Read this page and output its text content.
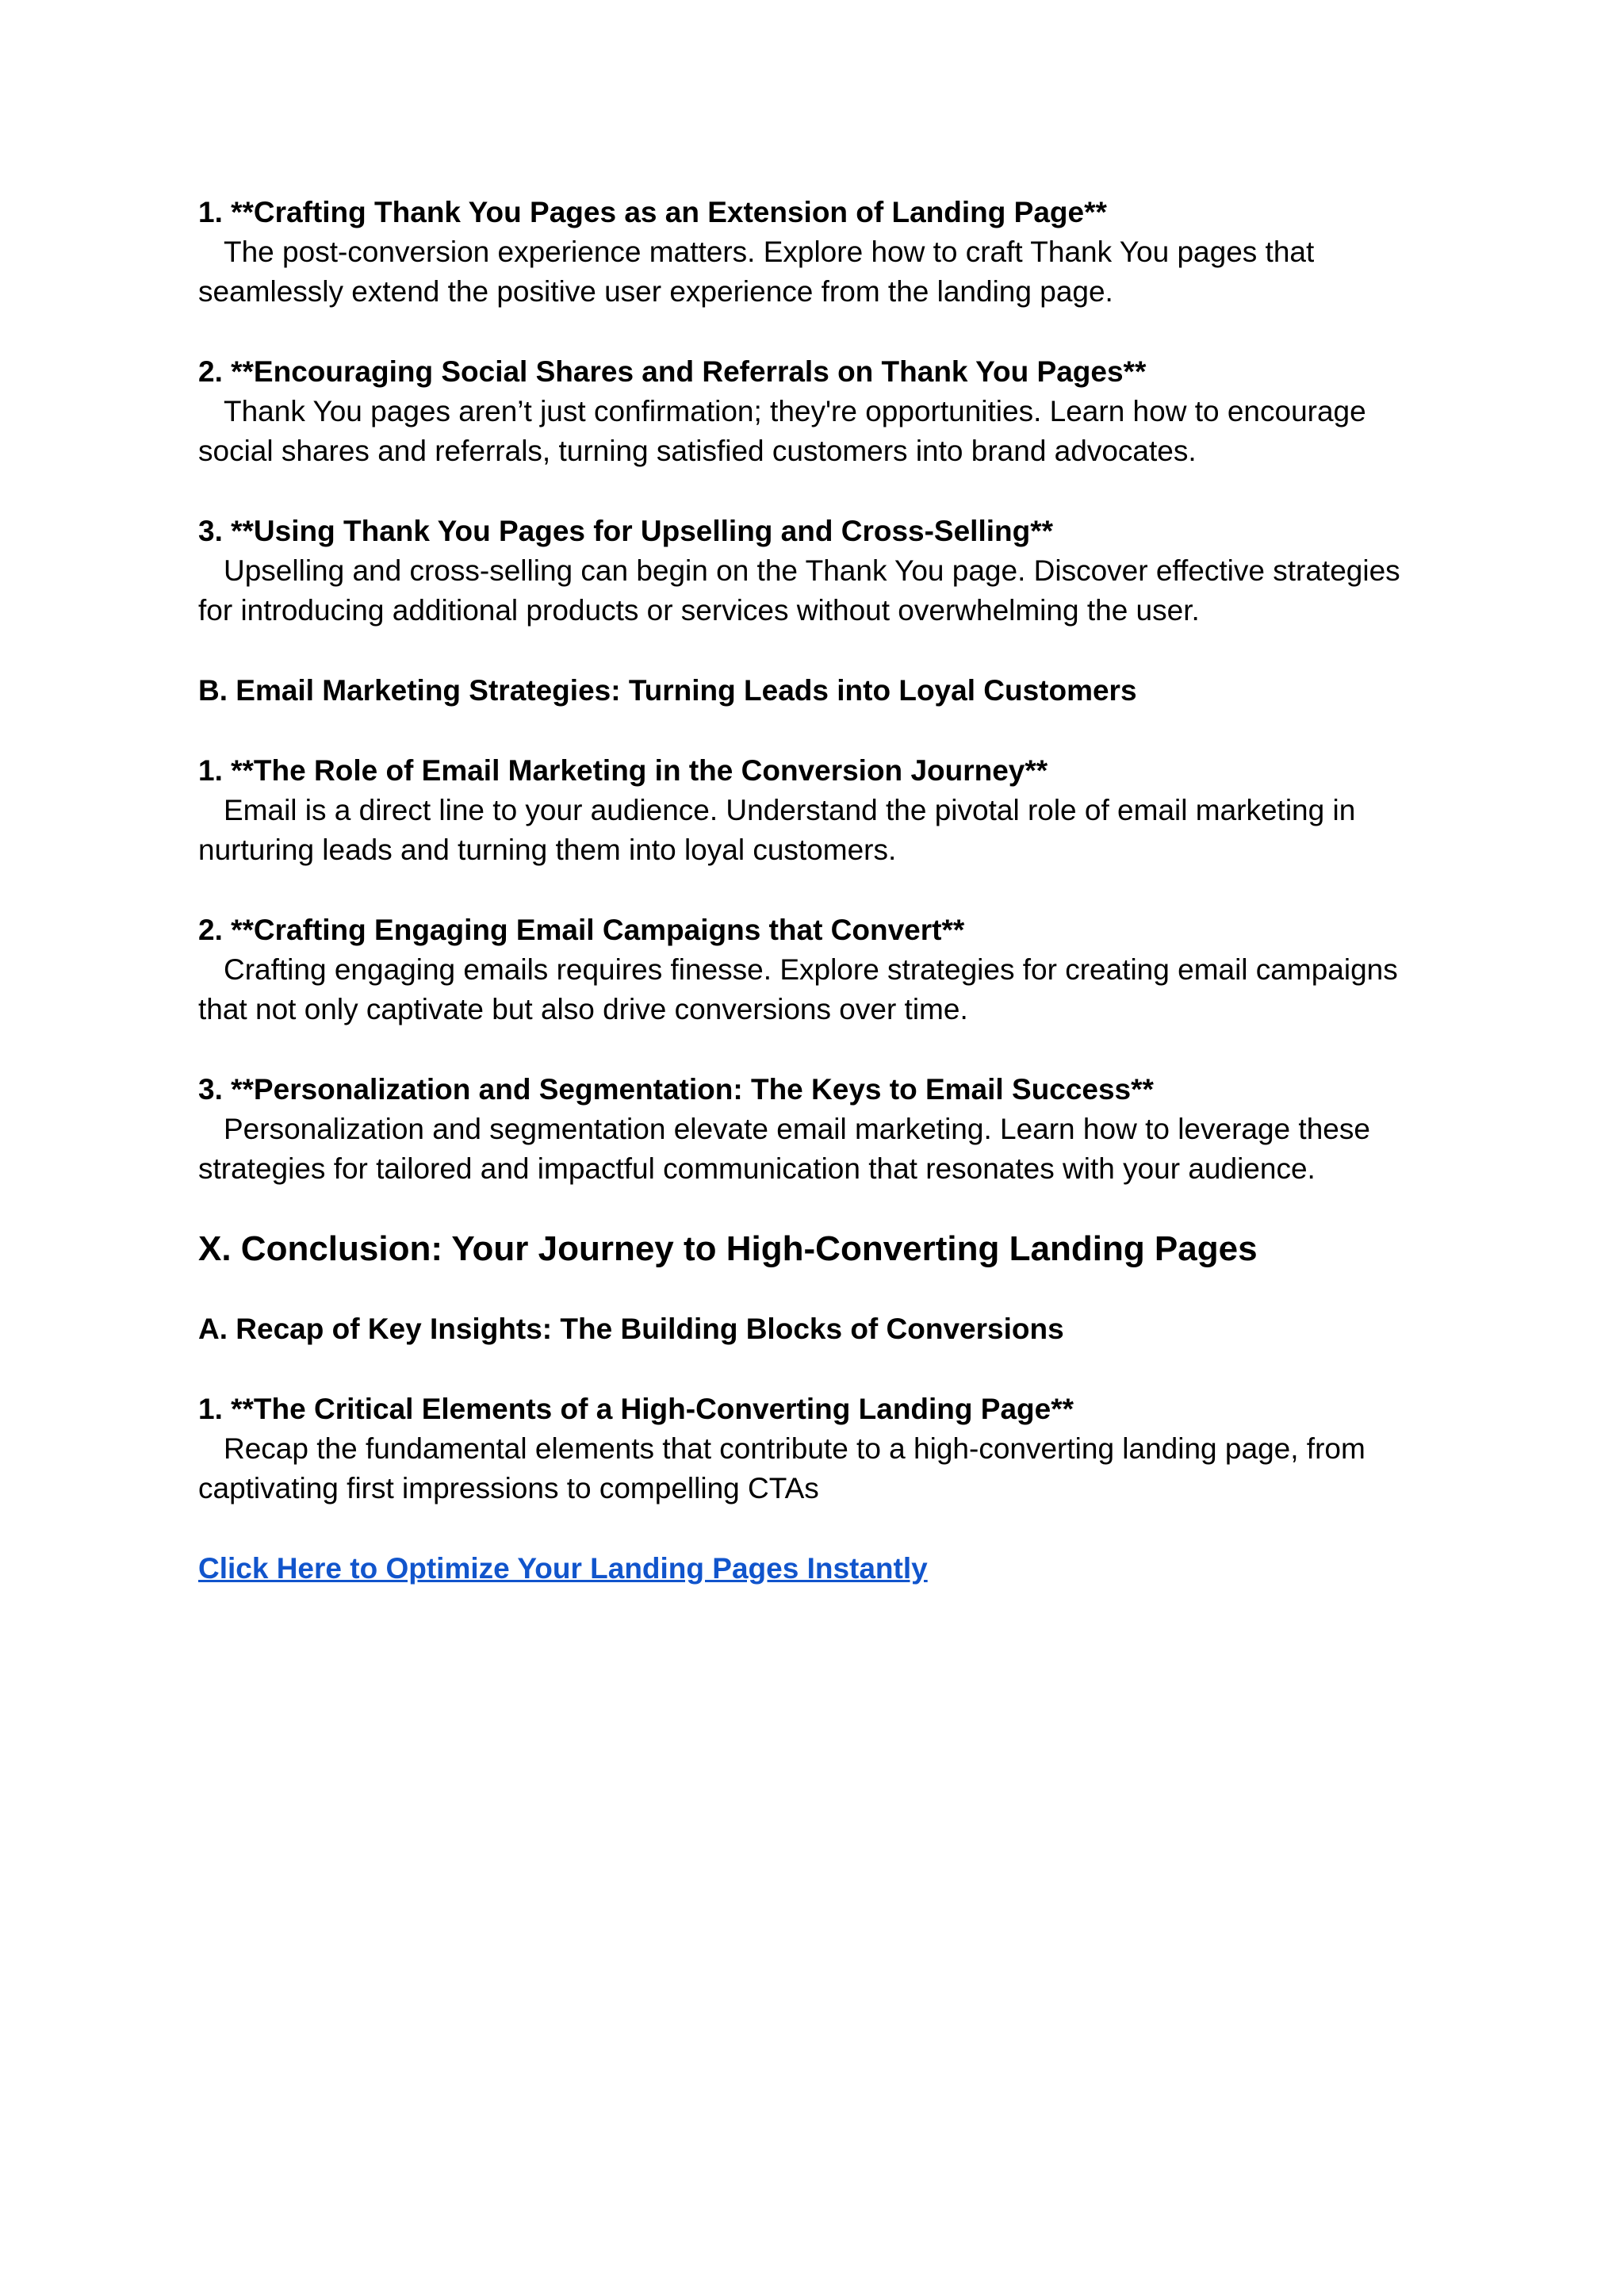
1. **Crafting Thank You Pages as an Extension of Landing Page**

The post-conversion experience matters. Explore how to craft Thank You pages that seamlessly extend the positive user experience from the landing page.

2. **Encouraging Social Shares and Referrals on Thank You Pages**

Thank You pages aren’t just confirmation; they're opportunities. Learn how to encourage social shares and referrals, turning satisfied customers into brand advocates.

3. **Using Thank You Pages for Upselling and Cross-Selling**

Upselling and cross-selling can begin on the Thank You page. Discover effective strategies for introducing additional products or services without overwhelming the user.

B. Email Marketing Strategies: Turning Leads into Loyal Customers

1. **The Role of Email Marketing in the Conversion Journey**

Email is a direct line to your audience. Understand the pivotal role of email marketing in nurturing leads and turning them into loyal customers.

2. **Crafting Engaging Email Campaigns that Convert**

Crafting engaging emails requires finesse. Explore strategies for creating email campaigns that not only captivate but also drive conversions over time.

3. **Personalization and Segmentation: The Keys to Email Success**

Personalization and segmentation elevate email marketing. Learn how to leverage these strategies for tailored and impactful communication that resonates with your audience.

X. Conclusion: Your Journey to High-Converting Landing Pages

A. Recap of Key Insights: The Building Blocks of Conversions

1. **The Critical Elements of a High-Converting Landing Page**

Recap the fundamental elements that contribute to a high-converting landing page, from captivating first impressions to compelling CTAs

Click Here to Optimize Your Landing Pages Instantly
